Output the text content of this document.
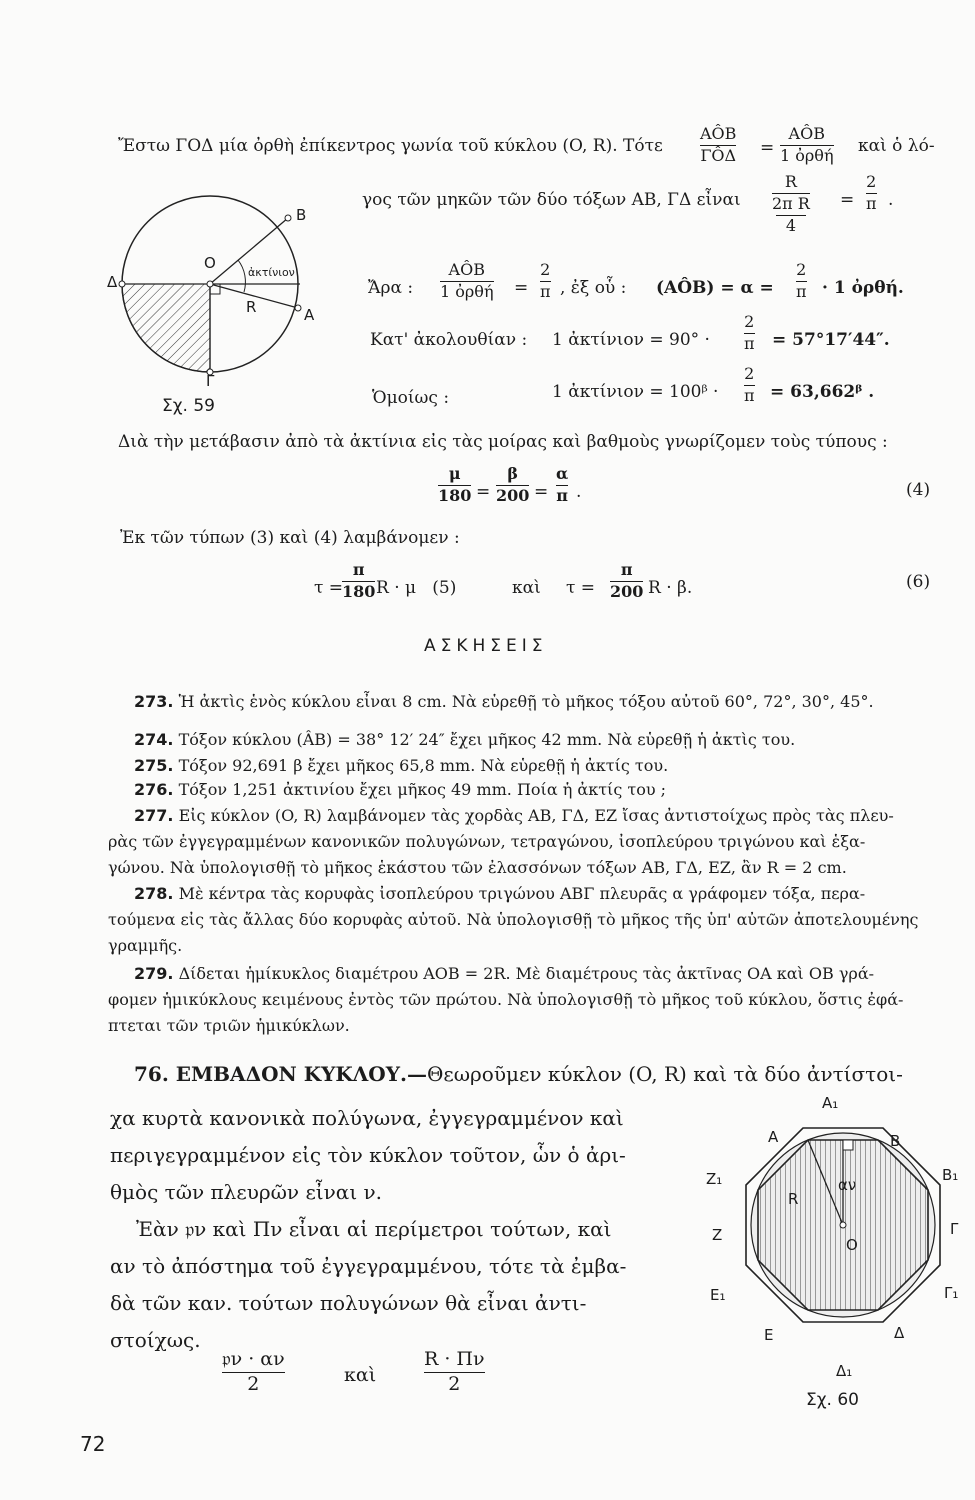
Ἔστω ΓΟΔ μία ὀρθὴ ἐπίκεντρος γωνία τοῦ κύκλου (O, R). Τότε
AÔB
ΓÔΔ =
AÔB
1 ὀρθή καὶ ὁ λό-
γος τῶν μηκῶν τῶν δύο τόξων ΑΒ, ΓΔ εἶναι
R
2π R
4
=
2
π .
Δ
O
B
R	A
Γ
ἀκτίνιον
Σχ. 59
Ἄρα :
AÔB
1 ὀρθή =
2
π , ἐξ οὗ : (AÔB) = α =
2
π · 1 ὀρθή.
Κατ' ἀκολουθίαν : 1 ἀκτίνιον = 90° ·
2
π = 57°17′44″.
Ὁμοίως :	1 ἀκτίνιον = 100ᵝ ·
2
π = 63,662ᵝ .
Διὰ τὴν μετάβασιν ἀπὸ τὰ ἀκτίνια εἰς τὰς μοίρας καὶ βαθμοὺς γνωρίζομεν τοὺς τύπους :
μ
180 =
β
200 =
α
π .	(4)
Ἐκ τῶν τύπων (3) καὶ (4) λαμβάνομεν :
τ =
π
180 R · μ   (5)	καὶ τ =
π
200 R · β.	(6)
ΑΣΚΗΣΕΙΣ
273. Ἡ ἀκτὶς ἑνὸς κύκλου εἶναι 8 cm. Νὰ εὑρεθῇ τὸ μῆκος τόξου αὐτοῦ 60°, 72°, 30°, 45°.
274. Τόξον κύκλου (ÂB) = 38° 12′ 24″ ἔχει μῆκος 42 mm. Νὰ εὑρεθῇ ἡ ἀκτὶς του.
275. Τόξον 92,691 β ἔχει μῆκος 65,8 mm. Νὰ εὑρεθῇ ἡ ἀκτίς του.
276. Τόξον 1,251 ἀκτινίου ἔχει μῆκος 49 mm. Ποία ἡ ἀκτίς του ;
277. Εἰς κύκλον (O, R) λαμβάνομεν τὰς χορδὰς ΑΒ, ΓΔ, ΕΖ ἴσας ἀντιστοίχως πρὸς τὰς πλευ-
ρὰς τῶν ἐγγεγραμμένων κανονικῶν πολυγώνων, τετραγώνου, ἰσοπλεύρου τριγώνου καὶ ἑξα-
γώνου. Νὰ ὑπολογισθῇ τὸ μῆκος ἑκάστου τῶν ἐλασσόνων τόξων ΑΒ, ΓΔ, ΕΖ, ἂν R = 2 cm.
278. Μὲ κέντρα τὰς κορυφὰς ἰσοπλεύρου τριγώνου ΑΒΓ πλευρᾶς α γράφομεν τόξα, περα-
τούμενα εἰς τὰς ἄλλας δύο κορυφὰς αὐτοῦ. Νὰ ὑπολογισθῇ τὸ μῆκος τῆς ὑπ' αὐτῶν ἀποτελουμένης
γραμμῆς.
279. Δίδεται ἡμίκυκλος διαμέτρου ΑΟΒ = 2R. Μὲ διαμέτρους τὰς ἀκτῖνας ΟΑ καὶ ΟΒ γρά-
φομεν ἡμικύκλους κειμένους ἐντὸς τῶν πρώτου. Νὰ ὑπολογισθῇ τὸ μῆκος τοῦ κύκλου, ὅστις ἐφά-
πτεται τῶν τριῶν ἡμικύκλων.
76. ΕΜΒΑΔΟΝ ΚΥΚΛΟΥ.—Θεωροῦμεν κύκλον (O, R) καὶ τὰ δύο ἀντίστοι-
χα κυρτὰ κανονικὰ πολύγωνα, ἐγγεγραμμένον καὶ
περιγεγραμμένον εἰς τὸν κύκλον τοῦτον, ὧν ὁ ἀρι-
θμὸς τῶν πλευρῶν εἶναι ν.
Ἐὰν 𝔭ν καὶ Πν εἶναι αἱ περίμετροι τούτων, καὶ
αν τὸ ἀπόστημα τοῦ ἐγγεγραμμένου, τότε τὰ ἐμβα-
δὰ τῶν καν. τούτων πολυγώνων θὰ εἶναι ἀντι-
στοίχως.
𝔭ν · αν
2	καὶ
R · Πν
2
A₁
A	B
B₁
Z₁
Γ
Z
O
R
αν
E₁	Γ₁
E	Δ
Δ₁
Σχ. 60
72
